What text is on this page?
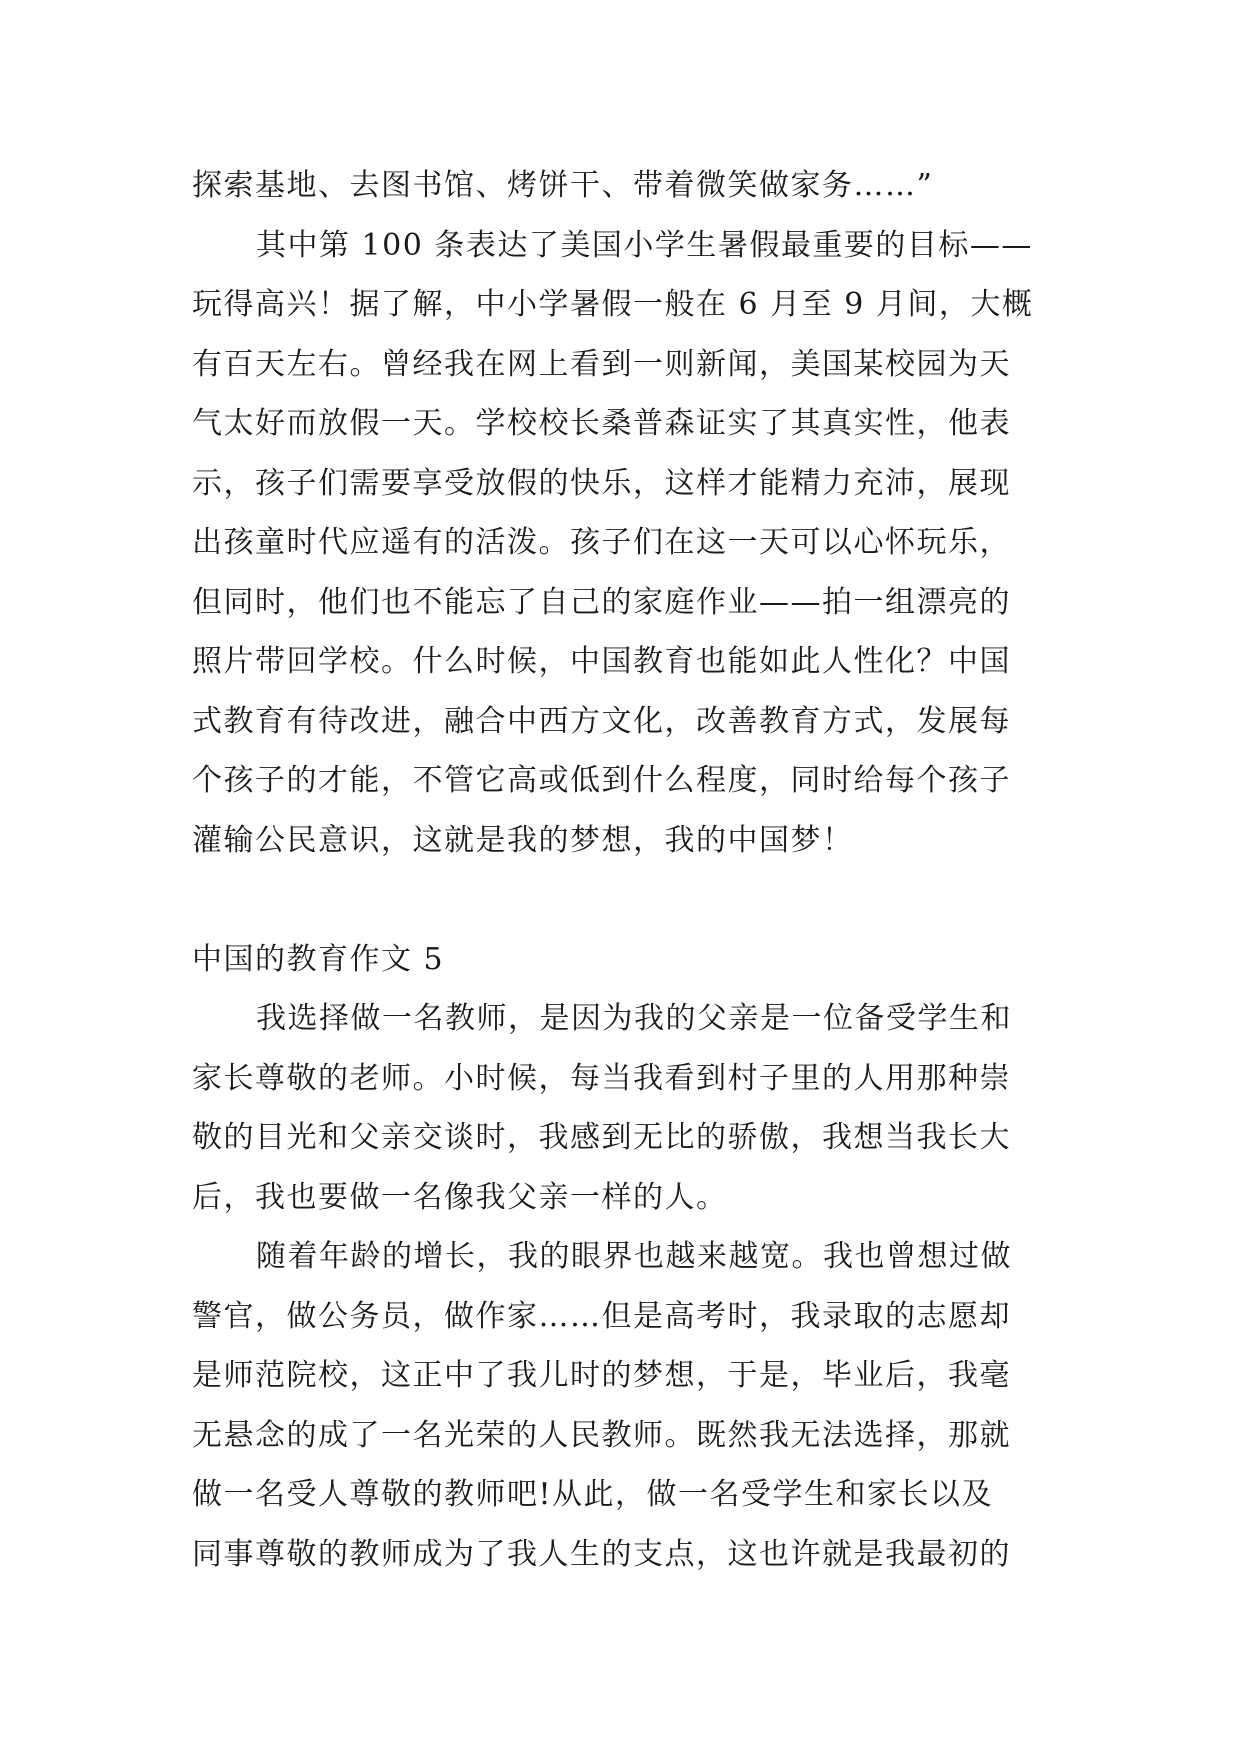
探索基地、去图书馆、烤饼干、带着微笑做家务……”
其中第 100 条表达了美国小学生暑假最重要的目标——
玩得高兴！据了解，中小学暑假一般在 6 月至 9 月间，大概
有百天左右。曾经我在网上看到一则新闻，美国某校园为天
气太好而放假一天。学校校长桑普森证实了其真实性，他表
示，孩子们需要享受放假的快乐，这样才能精力充沛，展现
出孩童时代应遥有的活泼。孩子们在这一天可以心怀玩乐，
但同时，他们也不能忘了自己的家庭作业——拍一组漂亮的
照片带回学校。什么时候，中国教育也能如此人性化？中国
式教育有待改进，融合中西方文化，改善教育方式，发展每
个孩子的才能，不管它高或低到什么程度，同时给每个孩子
灌输公民意识，这就是我的梦想，我的中国梦！
中国的教育作文 5
我选择做一名教师，是因为我的父亲是一位备受学生和
家长尊敬的老师。小时候，每当我看到村子里的人用那种崇
敬的目光和父亲交谈时，我感到无比的骄傲，我想当我长大
后，我也要做一名像我父亲一样的人。
随着年龄的增长，我的眼界也越来越宽。我也曾想过做
警官，做公务员，做作家……但是高考时，我录取的志愿却
是师范院校，这正中了我儿时的梦想，于是，毕业后，我毫
无悬念的成了一名光荣的人民教师。既然我无法选择，那就
做一名受人尊敬的教师吧!从此，做一名受学生和家长以及
同事尊敬的教师成为了我人生的支点，这也许就是我最初的
